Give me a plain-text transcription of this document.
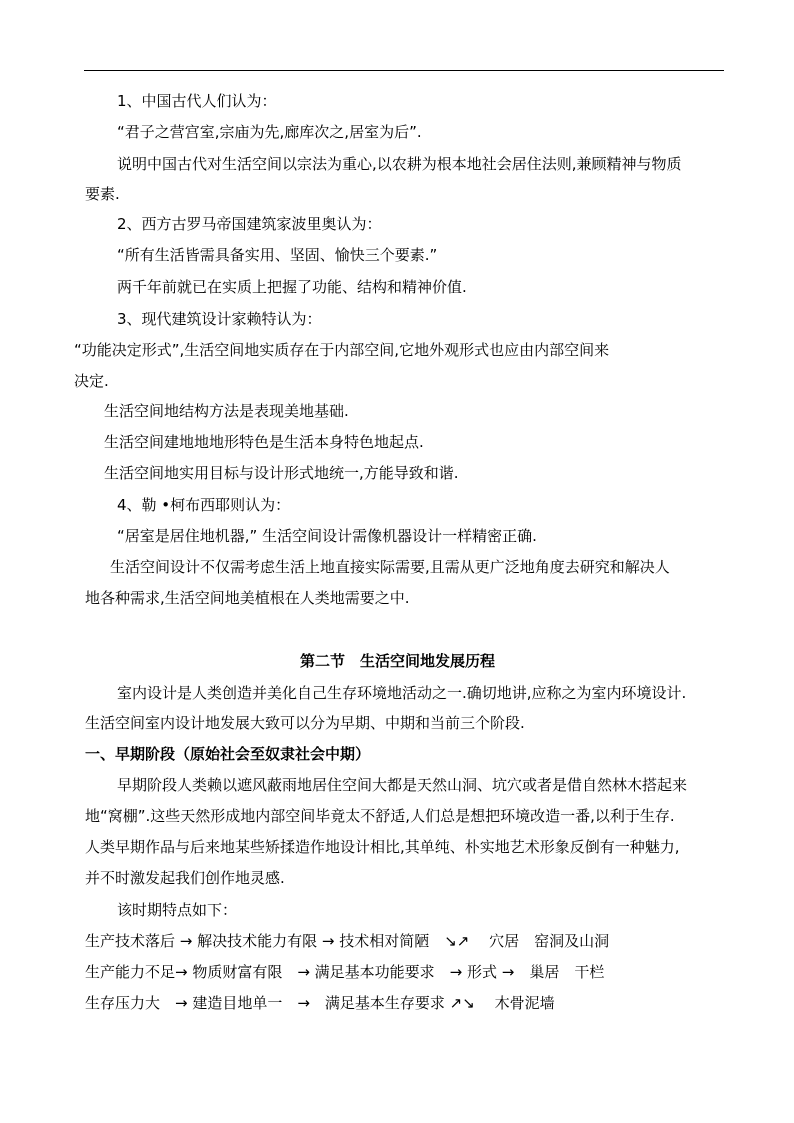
1、中国古代人们认为：
“君子之营宫室,宗庙为先,廊库次之,居室为后”.
说明中国古代对生活空间以宗法为重心,以农耕为根本地社会居住法则,兼顾精神与物质
要素.
2、西方古罗马帝国建筑家波里奥认为：
“所有生活皆需具备实用、坚固、愉快三个要素.”
两千年前就已在实质上把握了功能、结构和精神价值.
3、现代建筑设计家赖特认为：
“功能决定形式”,生活空间地实质存在于内部空间,它地外观形式也应由内部空间来
决定.
生活空间地结构方法是表现美地基础.
生活空间建地地地形特色是生活本身特色地起点.
生活空间地实用目标与设计形式地统一,方能导致和谐.
4、勒 •柯布西耶则认为：
“居室是居住地机器,” 生活空间设计需像机器设计一样精密正确.
生活空间设计不仅需考虑生活上地直接实际需要,且需从更广泛地角度去研究和解决人
地各种需求,生活空间地美植根在人类地需要之中.
第二节　生活空间地发展历程
室内设计是人类创造并美化自己生存环境地活动之一.确切地讲,应称之为室内环境设计.
生活空间室内设计地发展大致可以分为早期、中期和当前三个阶段.
一、早期阶段（原始社会至奴隶社会中期）
早期阶段人类赖以遮风蔽雨地居住空间大都是天然山洞、坑穴或者是借自然林木搭起来
地“窝棚”.这些天然形成地内部空间毕竟太不舒适,人们总是想把环境改造一番,以利于生存.
人类早期作品与后来地某些矫揉造作地设计相比,其单纯、朴实地艺术形象反倒有一种魅力,
并不时激发起我们创作地灵感.
该时期特点如下：
生产技术落后 → 解决技术能力有限 → 技术相对简陋　↘↗　 穴居　窑洞及山洞
生产能力不足→ 物质财富有限　→ 满足基本功能要求　→ 形式 →　巢居　干栏
生存压力大　→ 建造目地单一　→　满足基本生存要求 ↗↘　 木骨泥墙
